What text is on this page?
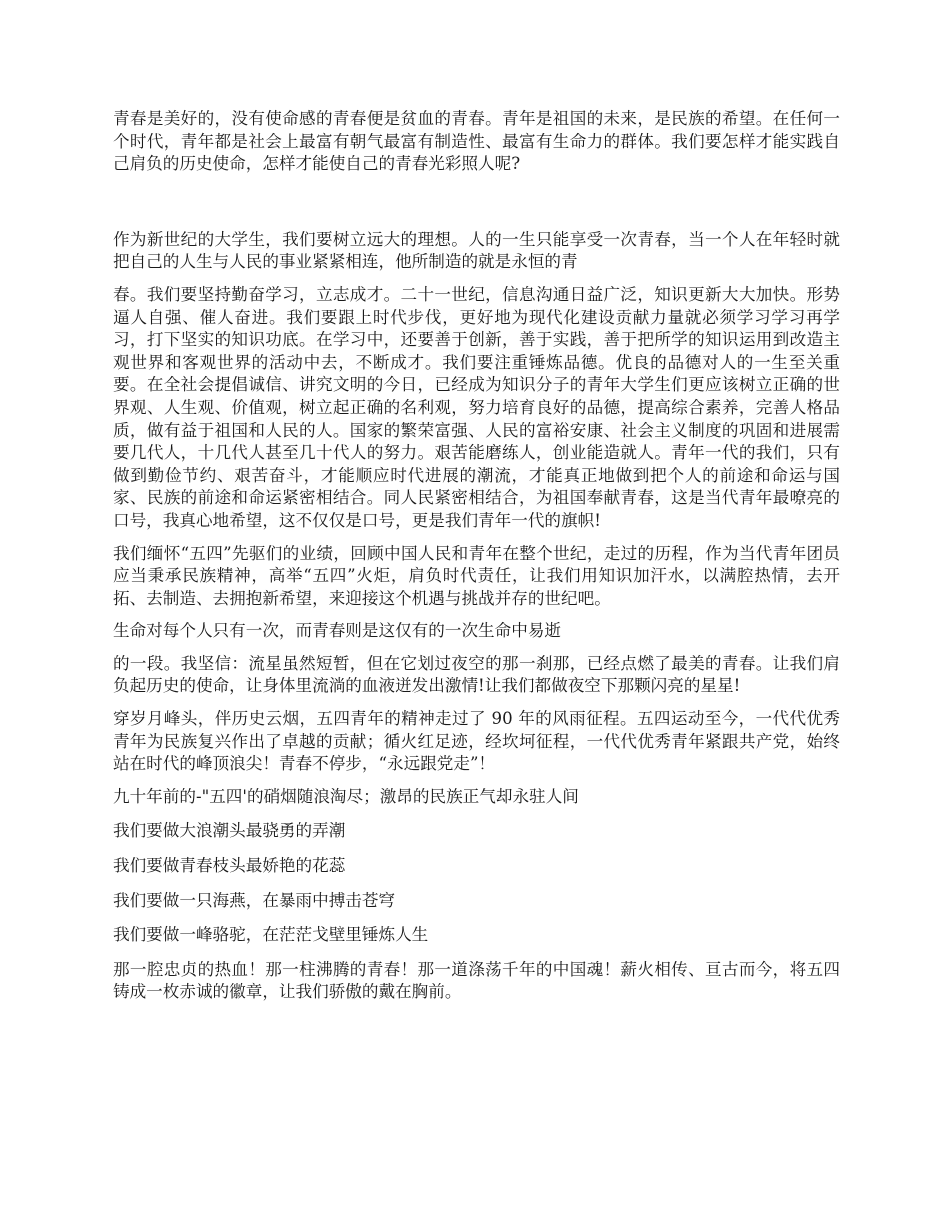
青春是美好的，没有使命感的青春便是贫血的青春。青年是祖国的未来，是民族的希望。在任何一个时代，青年都是社会上最富有朝气最富有制造性、最富有生命力的群体。我们要怎样才能实践自己肩负的历史使命，怎样才能使自己的青春光彩照人呢?

作为新世纪的大学生，我们要树立远大的理想。人的一生只能享受一次青春，当一个人在年轻时就把自己的人生与人民的事业紧紧相连，他所制造的就是永恒的青

春。我们要坚持勤奋学习，立志成才。二十一世纪，信息沟通日益广泛，知识更新大大加快。形势逼人自强、催人奋进。我们要跟上时代步伐，更好地为现代化建设贡献力量就必须学习学习再学习，打下坚实的知识功底。在学习中，还要善于创新，善于实践，善于把所学的知识运用到改造主观世界和客观世界的活动中去，不断成才。我们要注重锤炼品德。优良的品德对人的一生至关重要。在全社会提倡诚信、讲究文明的今日，已经成为知识分子的青年大学生们更应该树立正确的世界观、人生观、价值观，树立起正确的名利观，努力培育良好的品德，提高综合素养，完善人格品质，做有益于祖国和人民的人。国家的繁荣富强、人民的富裕安康、社会主义制度的巩固和进展需要几代人，十几代人甚至几十代人的努力。艰苦能磨练人，创业能造就人。青年一代的我们，只有做到勤俭节约、艰苦奋斗，才能顺应时代进展的潮流，才能真正地做到把个人的前途和命运与国家、民族的前途和命运紧密相结合。同人民紧密相结合，为祖国奉献青春，这是当代青年最嘹亮的口号，我真心地希望，这不仅仅是口号，更是我们青年一代的旗帜!

我们缅怀“五四”先驱们的业绩，回顾中国人民和青年在整个世纪，走过的历程，作为当代青年团员应当秉承民族精神，高举“五四”火炬，肩负时代责任，让我们用知识加汗水，以满腔热情，去开拓、去制造、去拥抱新希望，来迎接这个机遇与挑战并存的世纪吧。

生命对每个人只有一次，而青春则是这仅有的一次生命中易逝

的一段。我坚信：流星虽然短暂，但在它划过夜空的那一刹那，已经点燃了最美的青春。让我们肩负起历史的使命，让身体里流淌的血液迸发出激情!让我们都做夜空下那颗闪亮的星星!

穿岁月峰头，伴历史云烟，五四青年的精神走过了 90 年的风雨征程。五四运动至今，一代代优秀青年为民族复兴作出了卓越的贡献；循火红足迹，经坎坷征程，一代代优秀青年紧跟共产党，始终站在时代的峰顶浪尖！青春不停步，“永远跟党走”！

九十年前的-"五四'的硝烟随浪淘尽；激昂的民族正气却永驻人间

我们要做大浪潮头最骁勇的弄潮

我们要做青春枝头最娇艳的花蕊

我们要做一只海燕，在暴雨中搏击苍穹

我们要做一峰骆驼，在茫茫戈壁里锤炼人生

那一腔忠贞的热血！那一柱沸腾的青春！那一道涤荡千年的中国魂！薪火相传、亘古而今，将五四铸成一枚赤诚的徽章，让我们骄傲的戴在胸前。
